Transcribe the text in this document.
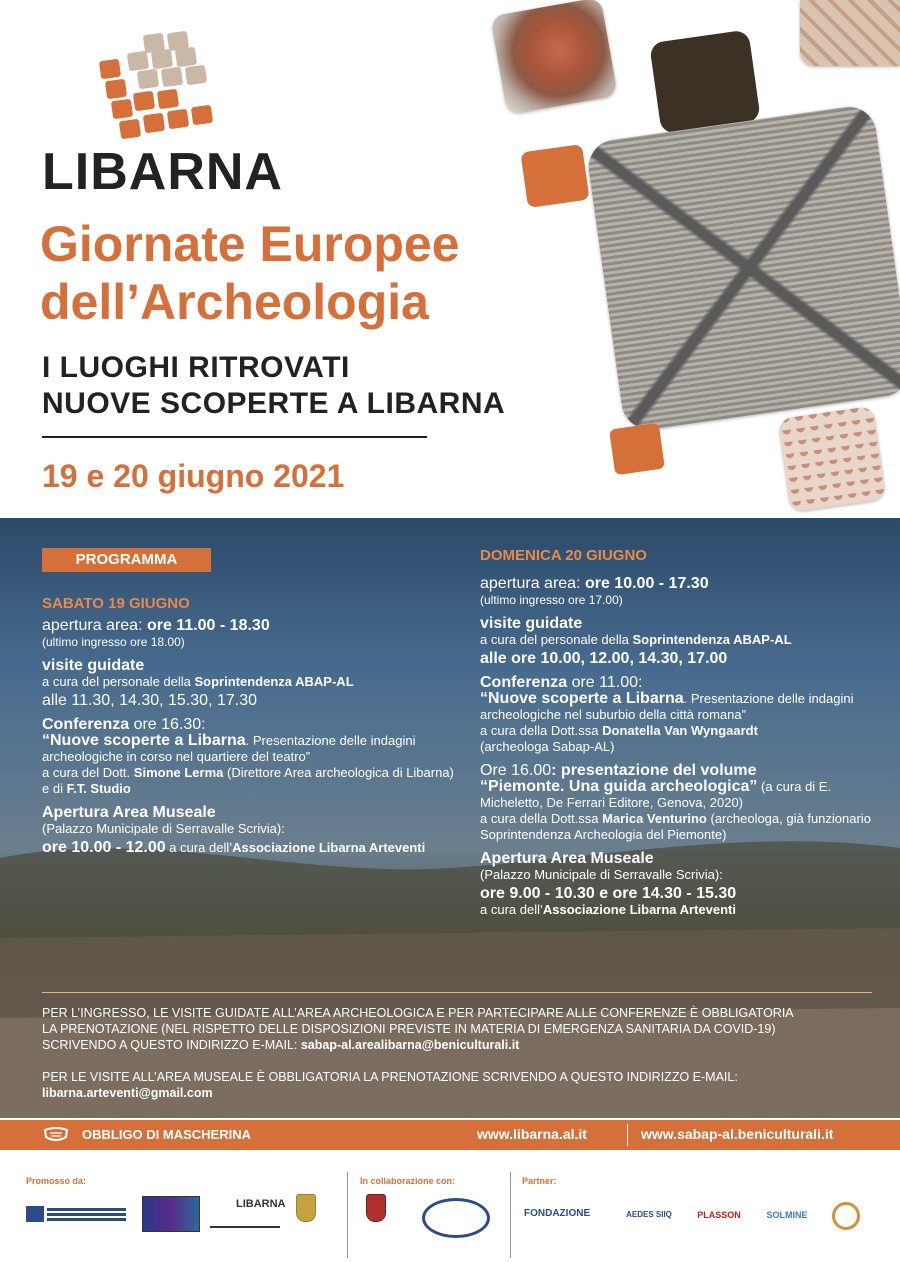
LIBARNA
Giornate Europee
dell’Archeologia
I LUOGHI RITROVATI
NUOVE SCOPERTE A LIBARNA
19 e 20 giugno 2021
PROGRAMMA
SABATO 19 GIUGNO
apertura area: ore 11.00 - 18.30
(ultimo ingresso ore 18.00)
visite guidate
a cura del personale della Soprintendenza ABAP-AL
alle 11.30, 14.30, 15.30, 17.30
Conferenza ore 16.30:
“Nuove scoperte a Libarna. Presentazione delle indagini archeologiche in corso nel quartiere del teatro”
a cura del Dott. Simone Lerma (Direttore Area archeologica di Libarna) e di F.T. Studio
Apertura Area Museale
(Palazzo Municipale di Serravalle Scrivia):
ore 10.00 - 12.00 a cura dell’Associazione Libarna Arteventi
DOMENICA 20 GIUGNO
apertura area: ore 10.00 - 17.30
(ultimo ingresso ore 17.00)
visite guidate
a cura del personale della Soprintendenza ABAP-AL
alle ore 10.00, 12.00, 14.30, 17.00
Conferenza ore 11.00:
“Nuove scoperte a Libarna. Presentazione delle indagini archeologiche nel suburbio della città romana”
a cura della Dott.ssa Donatella Van Wyngaardt
(archeologa Sabap-AL)
Ore 16.00: presentazione del volume
“Piemonte. Una guida archeologica” (a cura di E. Micheletto, De Ferrari Editore, Genova, 2020)
a cura della Dott.ssa Marica Venturino (archeologa, già funzionario Soprintendenza Archeologia del Piemonte)
Apertura Area Museale
(Palazzo Municipale di Serravalle Scrivia):
ore 9.00 - 10.30 e ore 14.30 - 15.30
a cura dell’Associazione Libarna Arteventi
PER L’INGRESSO, LE VISITE GUIDATE ALL’AREA ARCHEOLOGICA E PER PARTECIPARE ALLE CONFERENZE È OBBLIGATORIA
LA PRENOTAZIONE (NEL RISPETTO DELLE DISPOSIZIONI PREVISTE IN MATERIA DI EMERGENZA SANITARIA DA COVID-19)
SCRIVENDO A QUESTO INDIRIZZO E-MAIL: sabap-al.arealibarna@beniculturali.it
PER LE VISITE ALL’AREA MUSEALE È OBBLIGATORIA LA PRENOTAZIONE SCRIVENDO A QUESTO INDIRIZZO E-MAIL:
libarna.arteventi@gmail.com
OBBLIGO DI MASCHERINA	www.libarna.al.it	www.sabap-al.beniculturali.it
Promosso da:	In collaborazione con:	Partner:
LIBARNA
FONDAZIONE	AEDES SIIQ	PLASSON	SOLMINE
